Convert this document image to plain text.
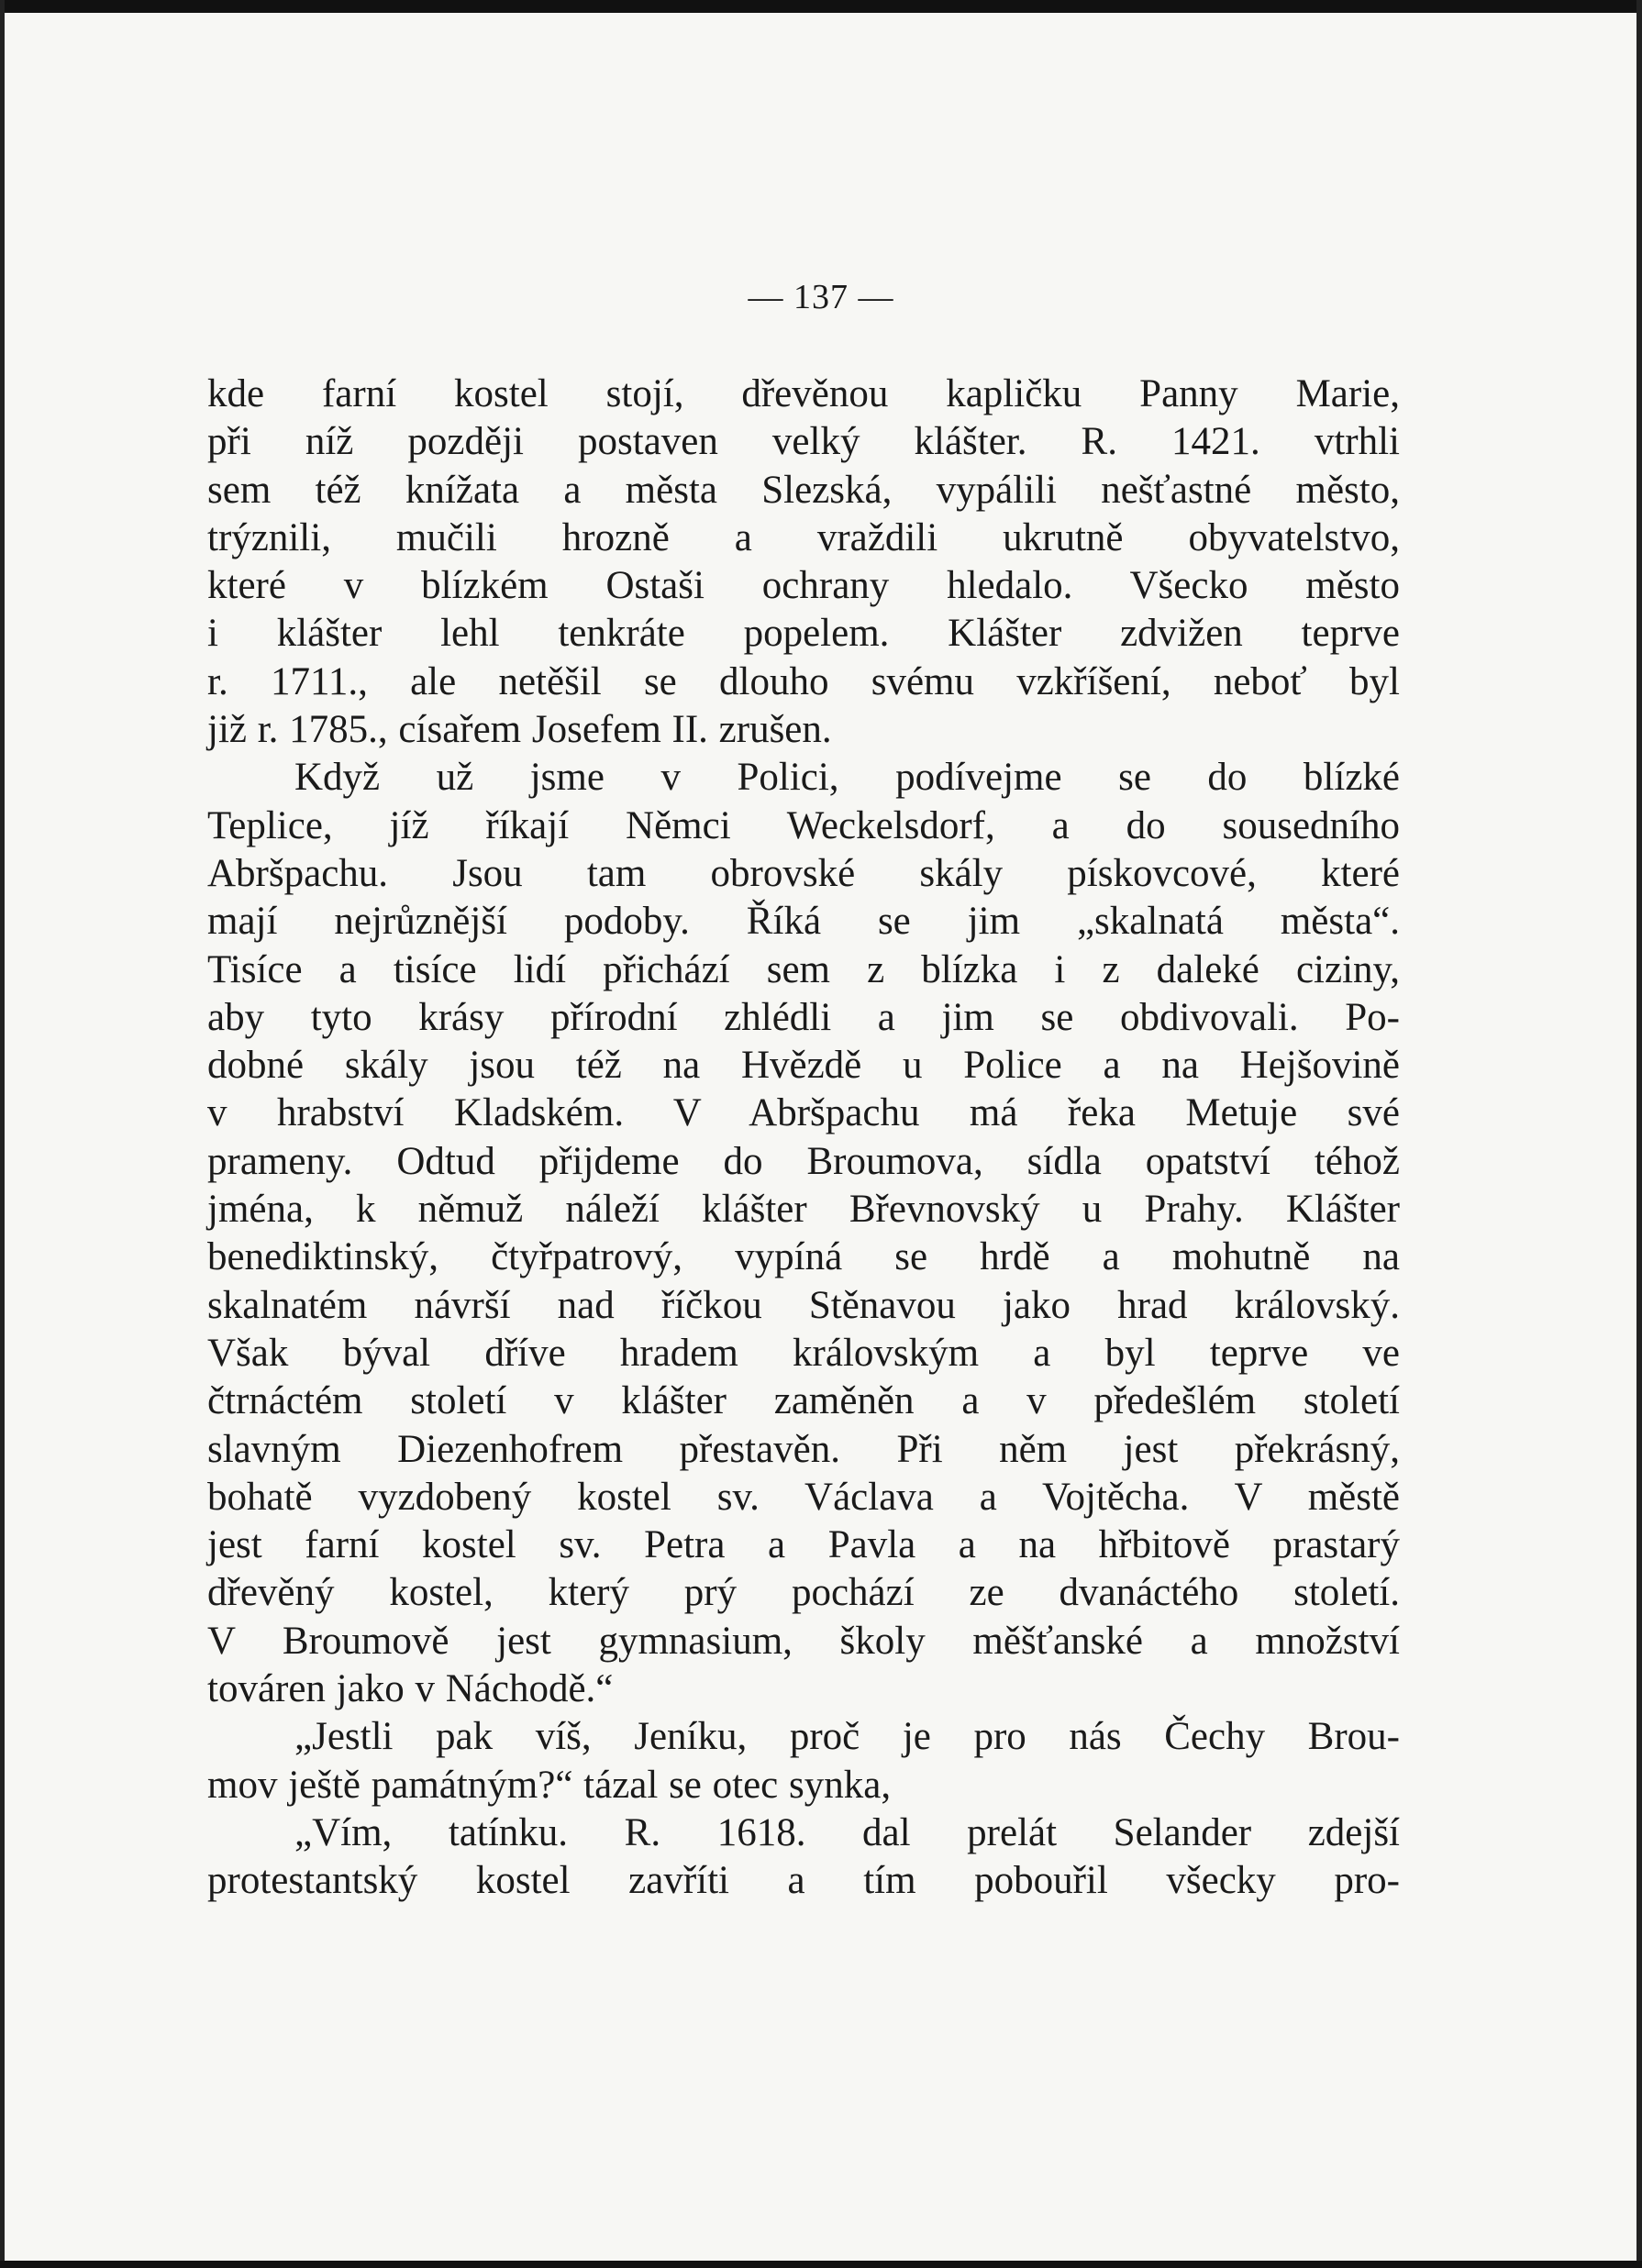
— 137 —
kde farní kostel stojí, dřevěnou kapličku Panny Marie,
při níž později postaven velký klášter. R. 1421. vtrhli
sem též knížata a města Slezská, vypálili nešťastné město,
trýznili, mučili hrozně a vraždili ukrutně obyvatelstvo,
které v blízkém Ostaši ochrany hledalo. Všecko město
i klášter lehl tenkráte popelem. Klášter zdvižen teprve
r. 1711., ale netěšil se dlouho svému vzkříšení, neboť byl
již r. 1785., císařem Josefem II. zrušen.
Když už jsme v Polici, podívejme se do blízké
Teplice, jíž říkají Němci Weckelsdorf, a do sousedního
Abršpachu. Jsou tam obrovské skály pískovcové, které
mají nejrůznější podoby. Říká se jim „skalnatá města“.
Tisíce a tisíce lidí přichází sem z blízka i z daleké ciziny,
aby tyto krásy přírodní zhlédli a jim se obdivovali. Po-
dobné skály jsou též na Hvězdě u Police a na Hejšovině
v hrabství Kladském. V Abršpachu má řeka Metuje své
prameny. Odtud přijdeme do Broumova, sídla opatství téhož
jména, k němuž náleží klášter Břevnovský u Prahy. Klášter
benediktinský, čtyřpatrový, vypíná se hrdě a mohutně na
skalnatém návrší nad říčkou Stěnavou jako hrad královský.
Však býval dříve hradem královským a byl teprve ve
čtrnáctém století v klášter zaměněn a v předešlém století
slavným Diezenhofrem přestavěn. Při něm jest překrásný,
bohatě vyzdobený kostel sv. Václava a Vojtěcha. V městě
jest farní kostel sv. Petra a Pavla a na hřbitově prastarý
dřevěný kostel, který prý pochází ze dvanáctého století.
V Broumově jest gymnasium, školy měšťanské a množství
továren jako v Náchodě.“
„Jestli pak víš, Jeníku, proč je pro nás Čechy Brou-
mov ještě památným?“ tázal se otec synka,
„Vím, tatínku. R. 1618. dal prelát Selander zdejší
protestantský kostel zavříti a tím pobouřil všecky pro-
